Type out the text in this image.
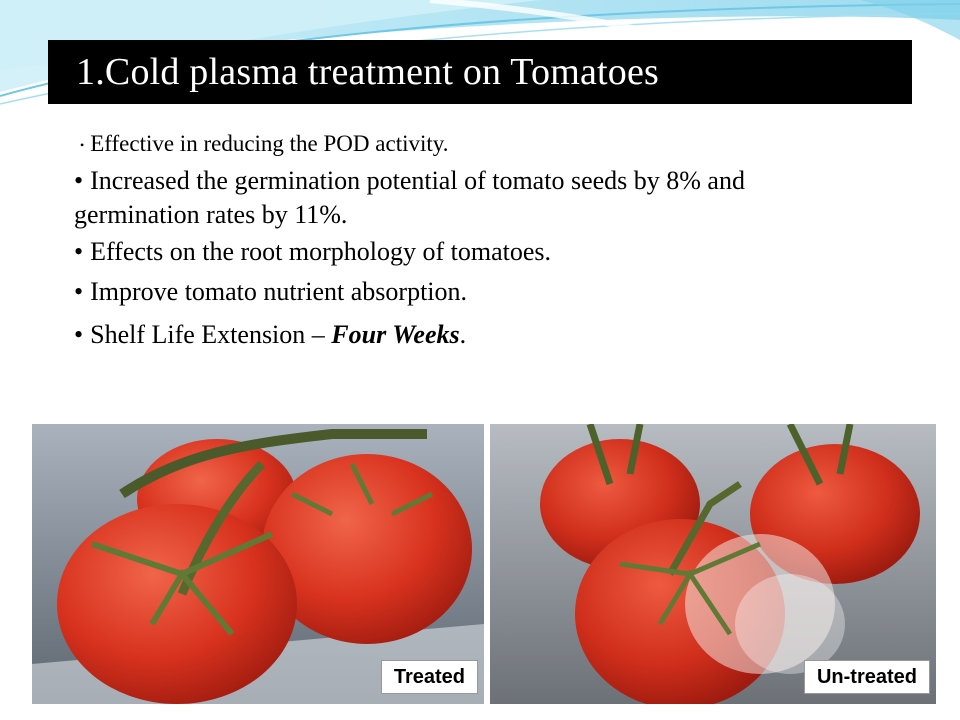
1.Cold plasma treatment on Tomatoes

• Effective in reducing the POD activity.

• Increased the germination potential of tomato seeds by 8% and
germination rates by 11%.

• Effects on the root morphology of tomatoes.

• Improve tomato nutrient absorption.

• Shelf Life Extension – Four Weeks.

Treated	Un-treated
